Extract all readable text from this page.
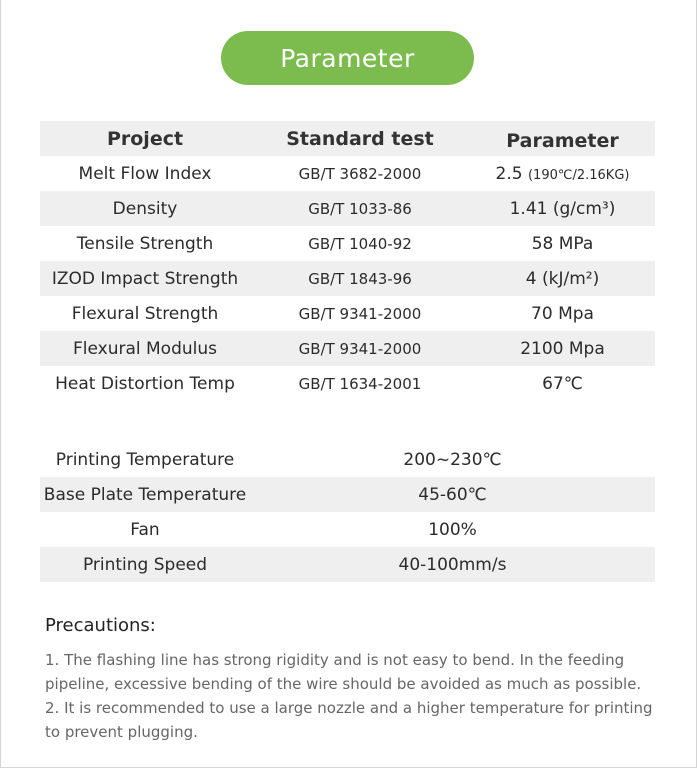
Parameter
Project	Standard test	Parameter
Melt Flow Index	GB/T 3682-2000	2.5 (190℃/2.16KG)
Density	GB/T 1033-86	1.41 (g/cm³)
Tensile Strength	GB/T 1040-92	58 MPa
IZOD Impact Strength	GB/T 1843-96	4 (kJ/m²)
Flexural Strength	GB/T 9341-2000	70 Mpa
Flexural Modulus	GB/T 9341-2000	2100 Mpa
Heat Distortion Temp	GB/T 1634-2001	67℃
Printing Temperature	200~230℃
Base Plate Temperature	45-60℃
Fan	100%
Printing Speed	40-100mm/s
Precautions:

1. The flashing line has strong rigidity and is not easy to bend. In the feeding pipeline, excessive bending of the wire should be avoided as much as possible.

2. It is recommended to use a large nozzle and a higher temperature for printing to prevent plugging.
